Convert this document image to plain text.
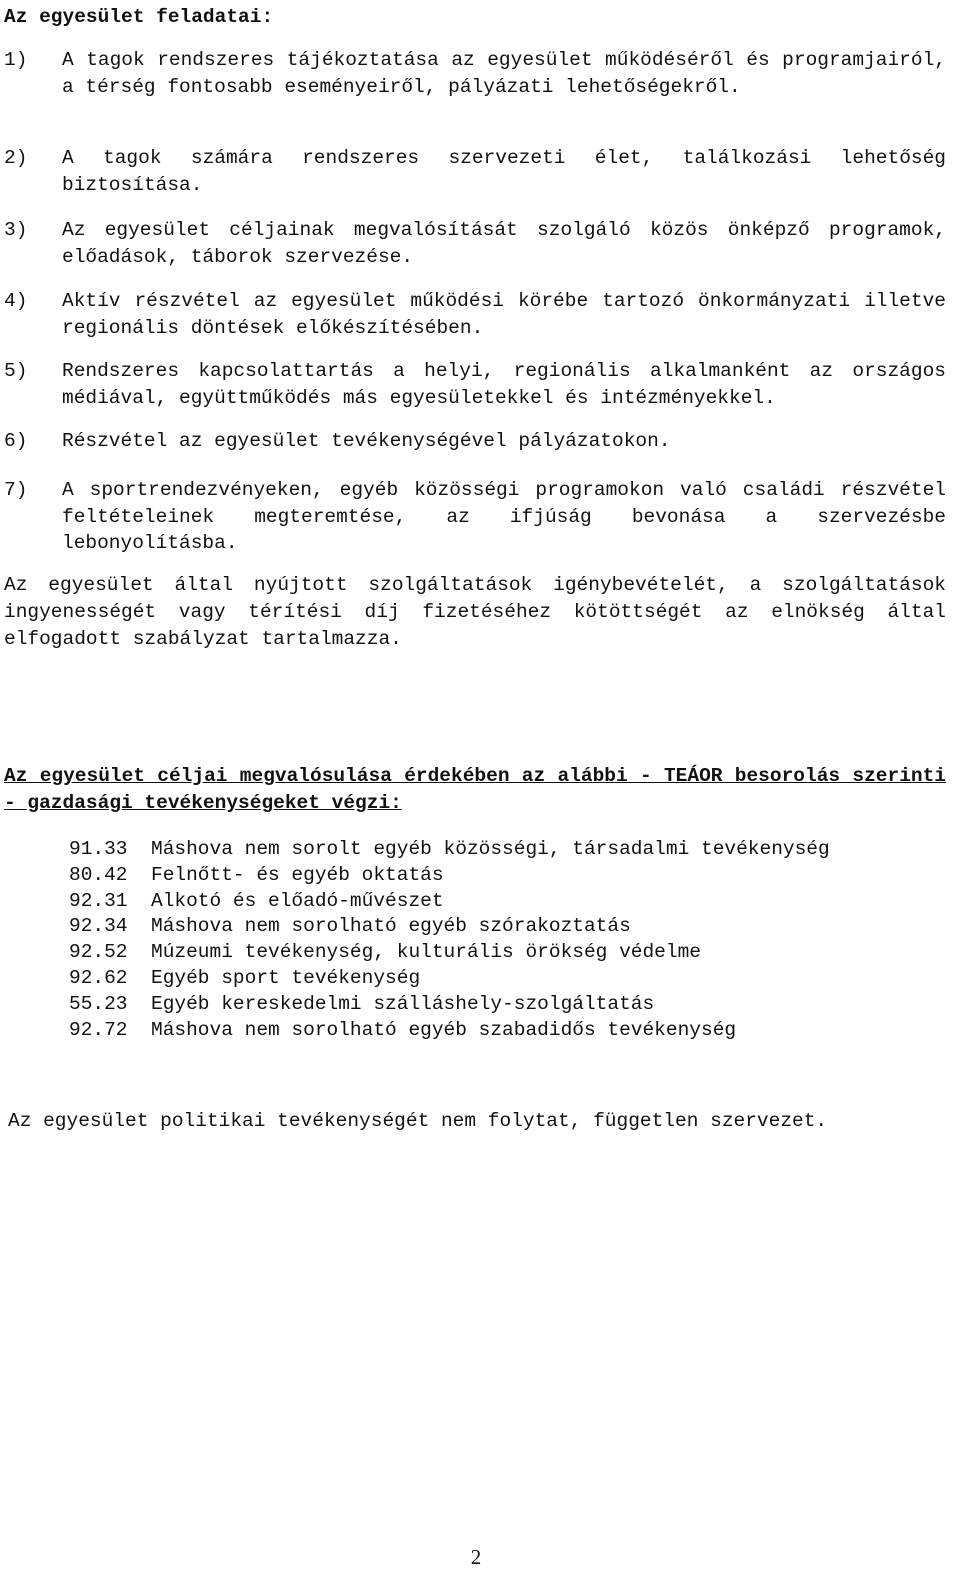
Az egyesület feladatai:
1)	A tagok rendszeres tájékoztatása az egyesület működéséről és programjairól, a térség fontosabb eseményeiről, pályázati lehetőségekről.
2)	A tagok számára rendszeres szervezeti élet, találkozási lehetőség biztosítása.
3)	Az egyesület céljainak megvalósítását szolgáló közös önképző programok, előadások, táborok szervezése.
4)	Aktív részvétel az egyesület működési körébe tartozó önkormányzati illetve regionális döntések előkészítésében.
5)	Rendszeres kapcsolattartás a helyi, regionális alkalmanként az országos médiával, együttműködés más egyesületekkel és intézményekkel.
6)	Részvétel az egyesület tevékenységével pályázatokon.
7)	A sportrendezvényeken, egyéb közösségi programokon való családi részvétel feltételeinek megteremtése, az ifjúság bevonása a szervezésbe lebonyolításba.

Az egyesület által nyújtott szolgáltatások igénybevételét, a szolgáltatások ingyenességét vagy térítési díj fizetéséhez kötöttségét az elnökség által elfogadott szabályzat tartalmazza.

Az egyesület céljai megvalósulása érdekében az alábbi - TEÁOR besorolás szerinti - gazdasági tevékenységeket végzi:

91.33	Máshova nem sorolt egyéb közösségi, társadalmi tevékenység
80.42	Felnőtt- és egyéb oktatás
92.31	Alkotó és előadó-művészet
92.34	Máshova nem sorolható egyéb szórakoztatás
92.52	Múzeumi tevékenység, kulturális örökség védelme
92.62	Egyéb sport tevékenység
55.23	Egyéb kereskedelmi szálláshely-szolgáltatás
92.72	Máshova nem sorolható egyéb szabadidős tevékenység

Az egyesület politikai tevékenységét nem folytat, független szervezet.

2
